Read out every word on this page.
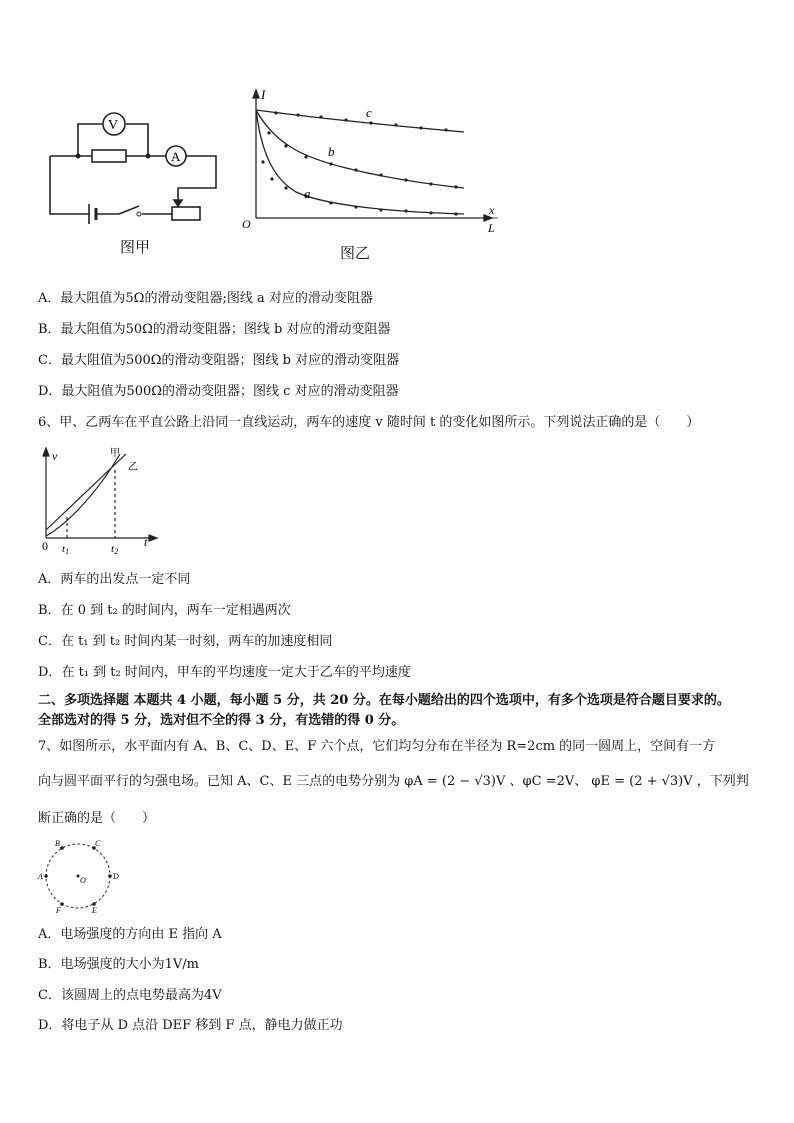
V
A
图甲
I
O
x
L
c
b
a
图乙
A．最大阻值为5Ω的滑动变阻器;图线 a 对应的滑动变阻器
B．最大阻值为50Ω的滑动变阻器；图线 b 对应的滑动变阻器
C．最大阻值为500Ω的滑动变阻器；图线 b 对应的滑动变阻器
D．最大阻值为500Ω的滑动变阻器；图线 c 对应的滑动变阻器
6、甲、乙两车在平直公路上沿同一直线运动，两车的速度 v 随时间 t 的变化如图所示。下列说法正确的是（　　）
v
t
0 t1	t2
甲
乙
A．两车的出发点一定不同
B．在 0 到 t₂ 的时间内，两车一定相遇两次
C．在 t₁ 到 t₂ 时间内某一时刻，两车的加速度相同
D．在 t₁ 到 t₂ 时间内，甲车的平均速度一定大于乙车的平均速度
二、多项选择题 本题共 4 小题，每小题 5 分，共 20 分。在每小题给出的四个选项中，有多个选项是符合题目要求的。
全部选对的得 5 分，选对但不全的得 3 分，有选错的得 0 分。
7、如图所示，水平面内有 A、B、C、D、E、F 六个点，它们均匀分布在半径为 R=2cm 的同一圆周上，空间有一方
向与圆平面平行的匀强电场。已知 A、C、E 三点的电势分别为 φA = (2 − √3)V 、φC =2V、 φE = (2 + √3)V ，下列判
断正确的是（　　）
A
B	C
D
E
F
O
A．电场强度的方向由 E 指向 A
B．电场强度的大小为1V/m
C．该圆周上的点电势最高为4V
D．将电子从 D 点沿 DEF 移到 F 点，静电力做正功
